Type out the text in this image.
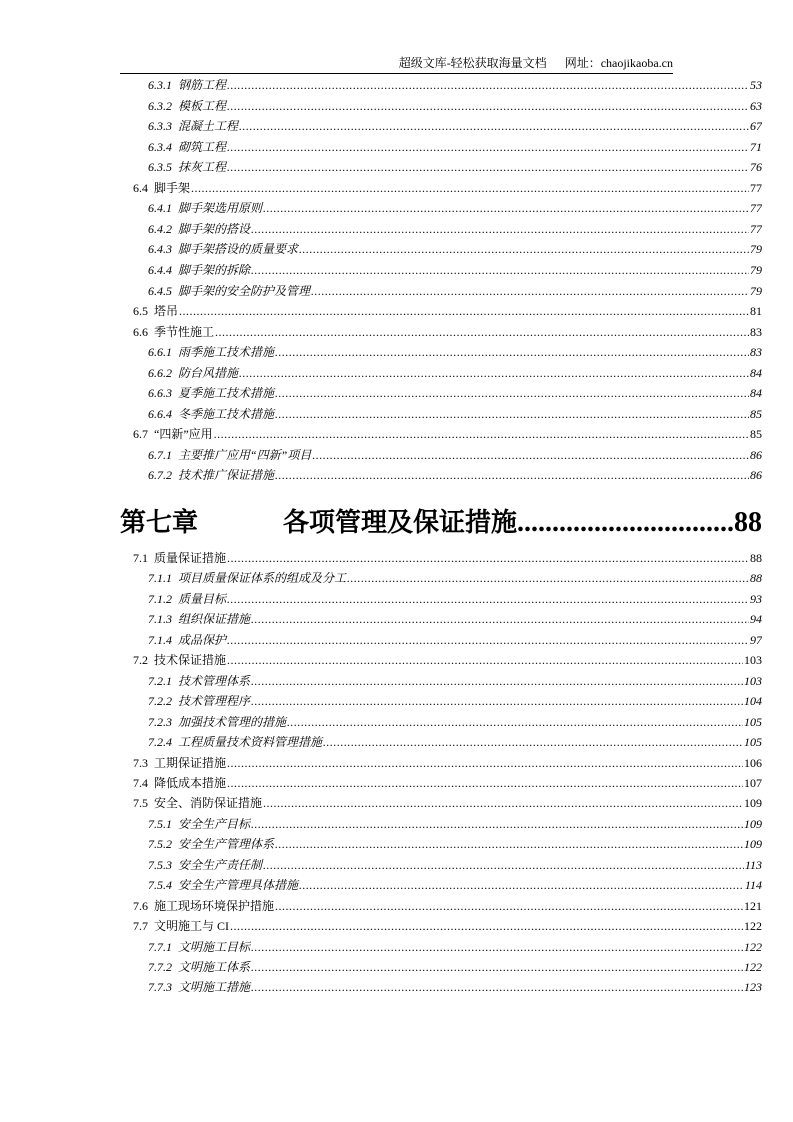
超级文库-轻松获取海量文档 网址：chaojikaoba.cn
6.3.1 钢筋工程 .....	53
6.3.2 模板工程 .....	63
6.3.3 混凝土工程 .....	67
6.3.4 砌筑工程 .....	71
6.3.5 抹灰工程 .....	76
6.4 脚手架 .....	77
6.4.1 脚手架选用原则 .....	77
6.4.2 脚手架的搭设 .....	77
6.4.3 脚手架搭设的质量要求 .....	79
6.4.4 脚手架的拆除 .....	79
6.4.5 脚手架的安全防护及管理 .....	79
6.5 塔吊 .....	81
6.6 季节性施工 .....	83
6.6.1 雨季施工技术措施 .....	83
6.6.2 防台风措施 .....	84
6.6.3 夏季施工技术措施 .....	84
6.6.4 冬季施工技术措施 .....	85
6.7 “四新”应用 .....	85
6.7.1 主要推广应用“四新”项目 .....	86
6.7.2 技术推广保证措施 .....	86
第七章	各项管理及保证措施 .....	88
7.1 质量保证措施 .....	88
7.1.1 项目质量保证体系的组成及分工 .....	88
7.1.2 质量目标 .....	93
7.1.3 组织保证措施 .....	94
7.1.4 成品保护 .....	97
7.2 技术保证措施 .....	103
7.2.1 技术管理体系 .....	103
7.2.2 技术管理程序 .....	104
7.2.3 加强技术管理的措施 .....	105
7.2.4 工程质量技术资料管理措施 .....	105
7.3 工期保证措施 .....	106
7.4 降低成本措施 .....	107
7.5 安全、消防保证措施 .....	109
7.5.1 安全生产目标 .....	109
7.5.2 安全生产管理体系 .....	109
7.5.3 安全生产责任制 .....	113
7.5.4 安全生产管理具体措施 .....	114
7.6 施工现场环境保护措施 .....	121
7.7 文明施工与 CI .....	122
7.7.1 文明施工目标 .....	122
7.7.2 文明施工体系 .....	122
7.7.3 文明施工措施 .....	123
